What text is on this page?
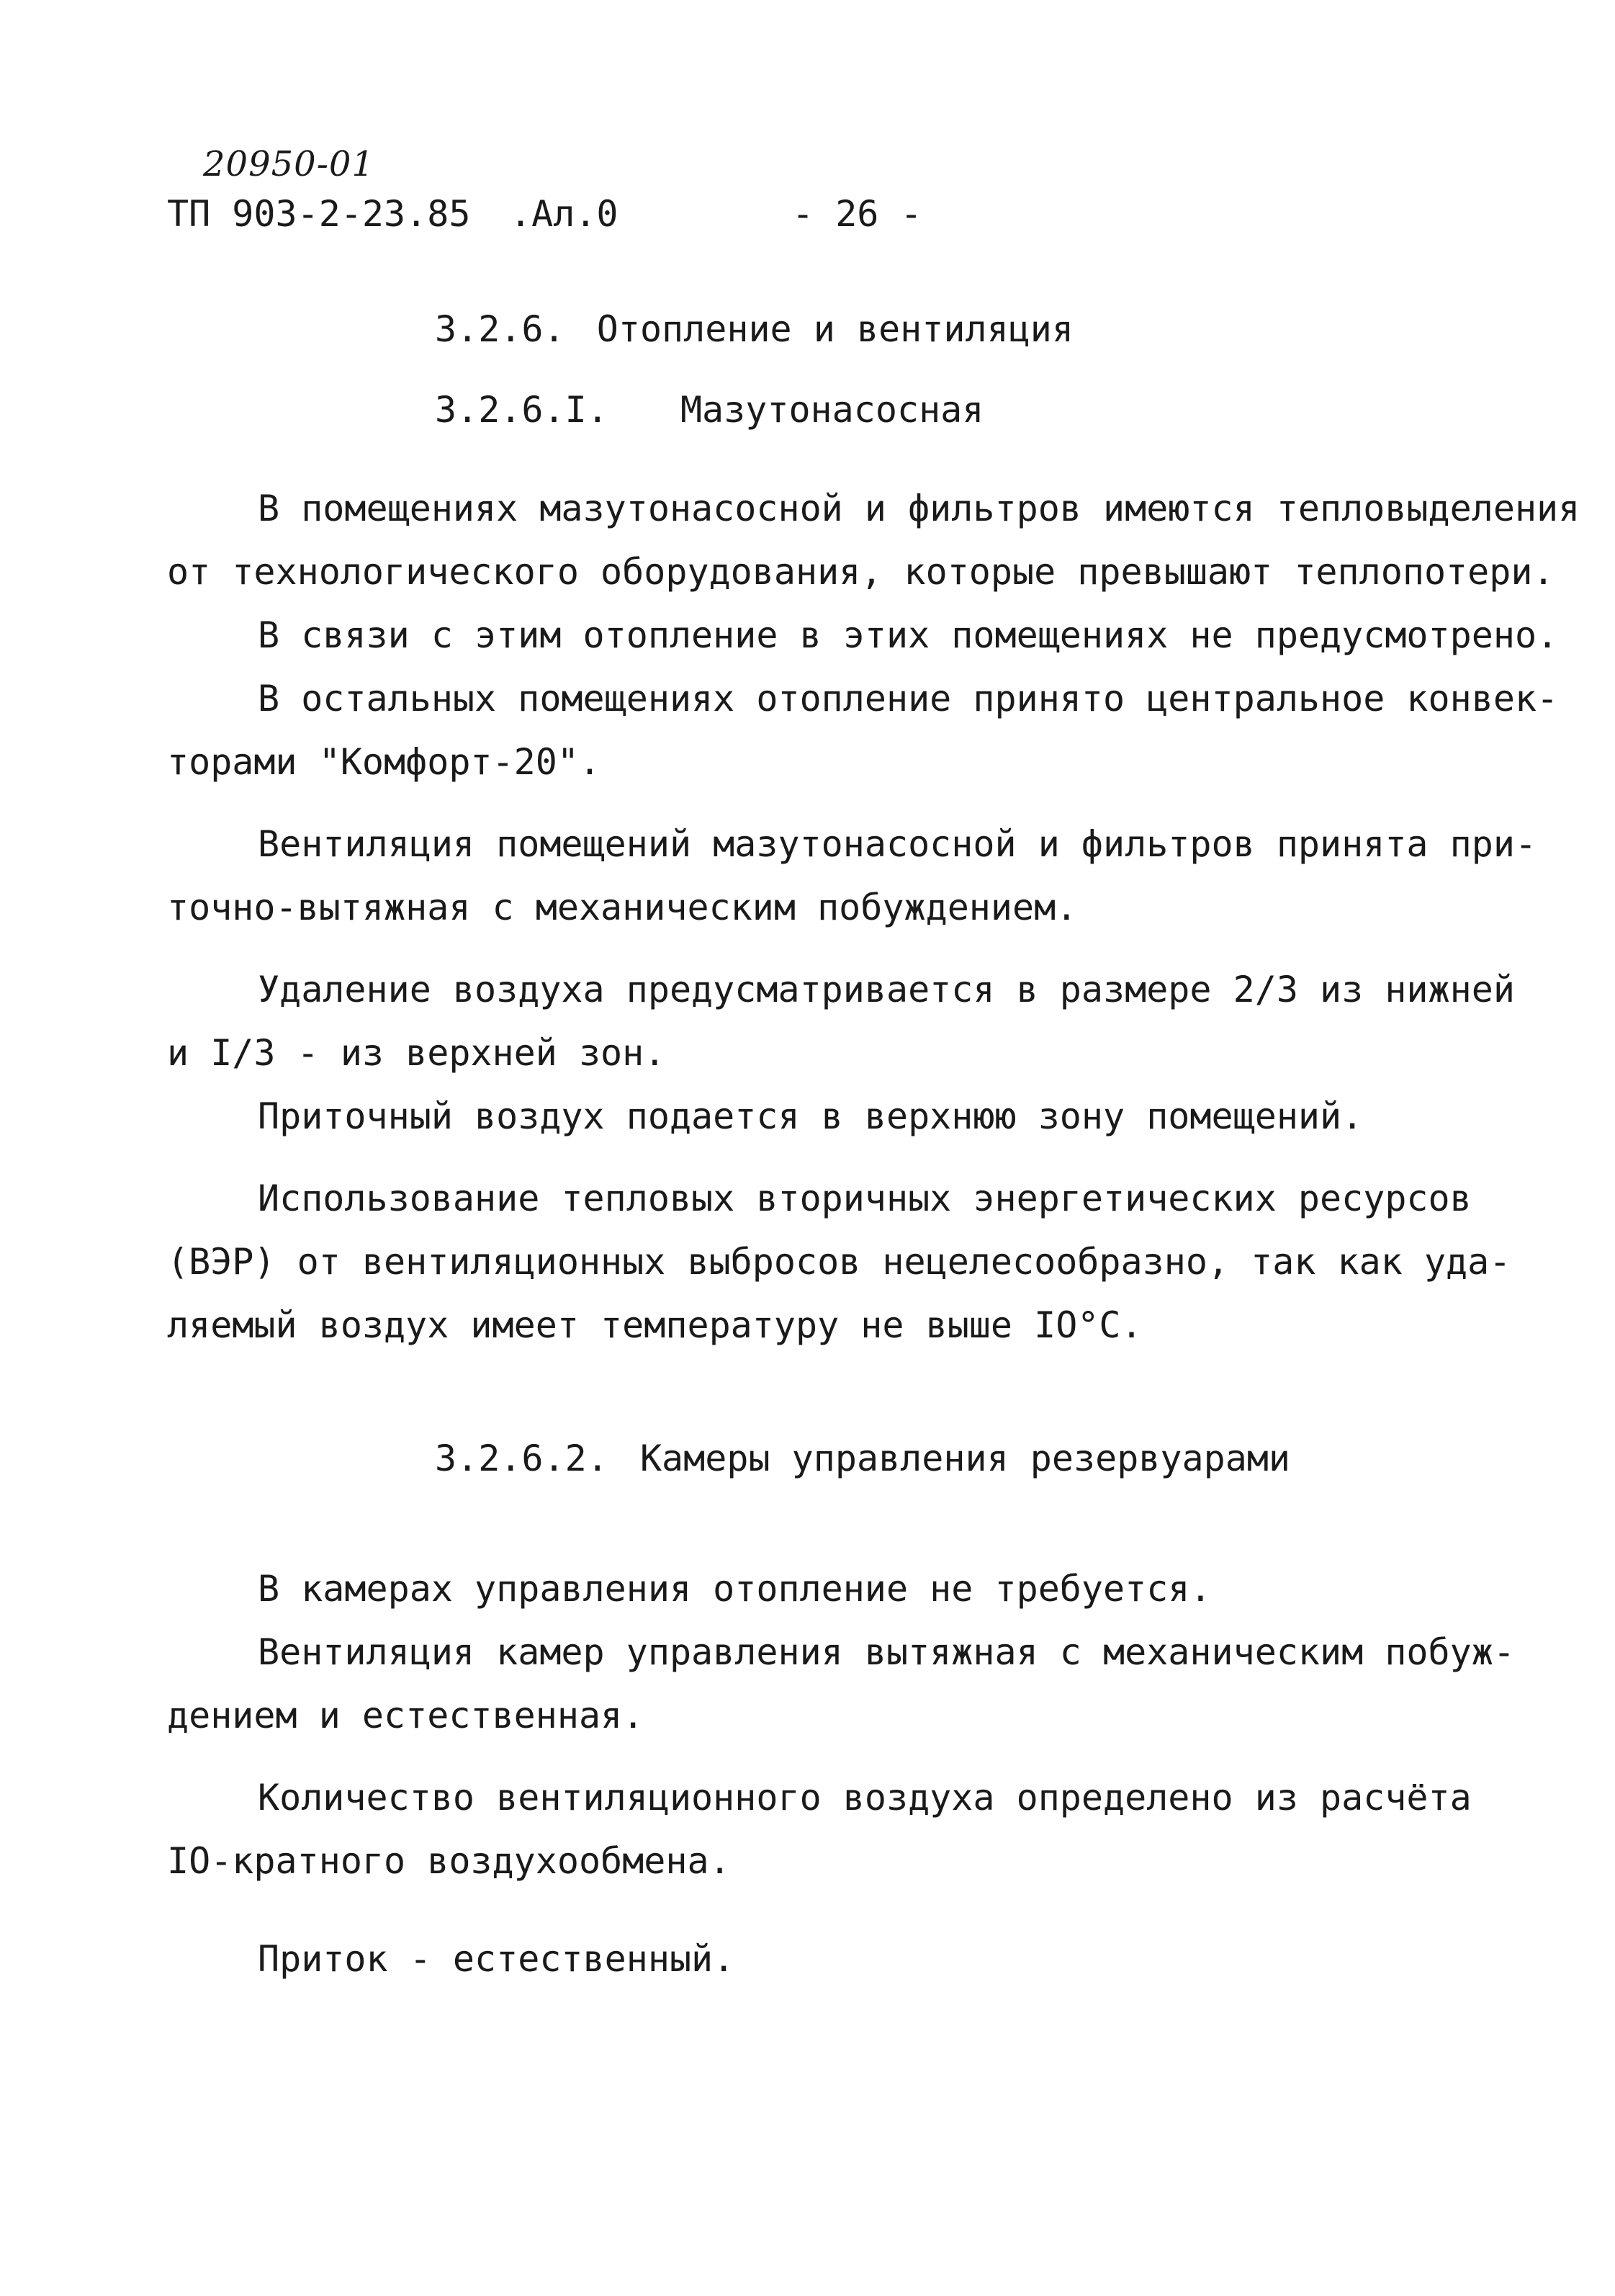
20950-01
ТП 903-2-23.85 .Ал.0	- 26 -
3.2.6. Отопление и вентиляция
3.2.6.I. Мазутонасосная
В помещениях мазутонасосной и фильтров имеются тепловыделения
от технологического оборудования, которые превышают теплопотери.
В связи с этим отопление в этих помещениях не предусмотрено.
В остальных помещениях отопление принято центральное конвек-
торами "Комфорт-20".
Вентиляция помещений мазутонасосной и фильтров принята при-
точно-вытяжная с механическим побуждением.
Удаление воздуха предусматривается в размере 2/3 из нижней
и I/3 - из верхней зон.
Приточный воздух подается в верхнюю зону помещений.
Использование тепловых вторичных энергетических ресурсов
(ВЭР) от вентиляционных выбросов нецелесообразно, так как уда-
ляемый воздух имеет температуру не выше IO°C.
3.2.6.2. Камеры управления резервуарами
В камерах управления отопление не требуется.
Вентиляция камер управления вытяжная с механическим побуж-
дением и естественная.
Количество вентиляционного воздуха определено из расчёта
IO-кратного воздухообмена.
Приток - естественный.
